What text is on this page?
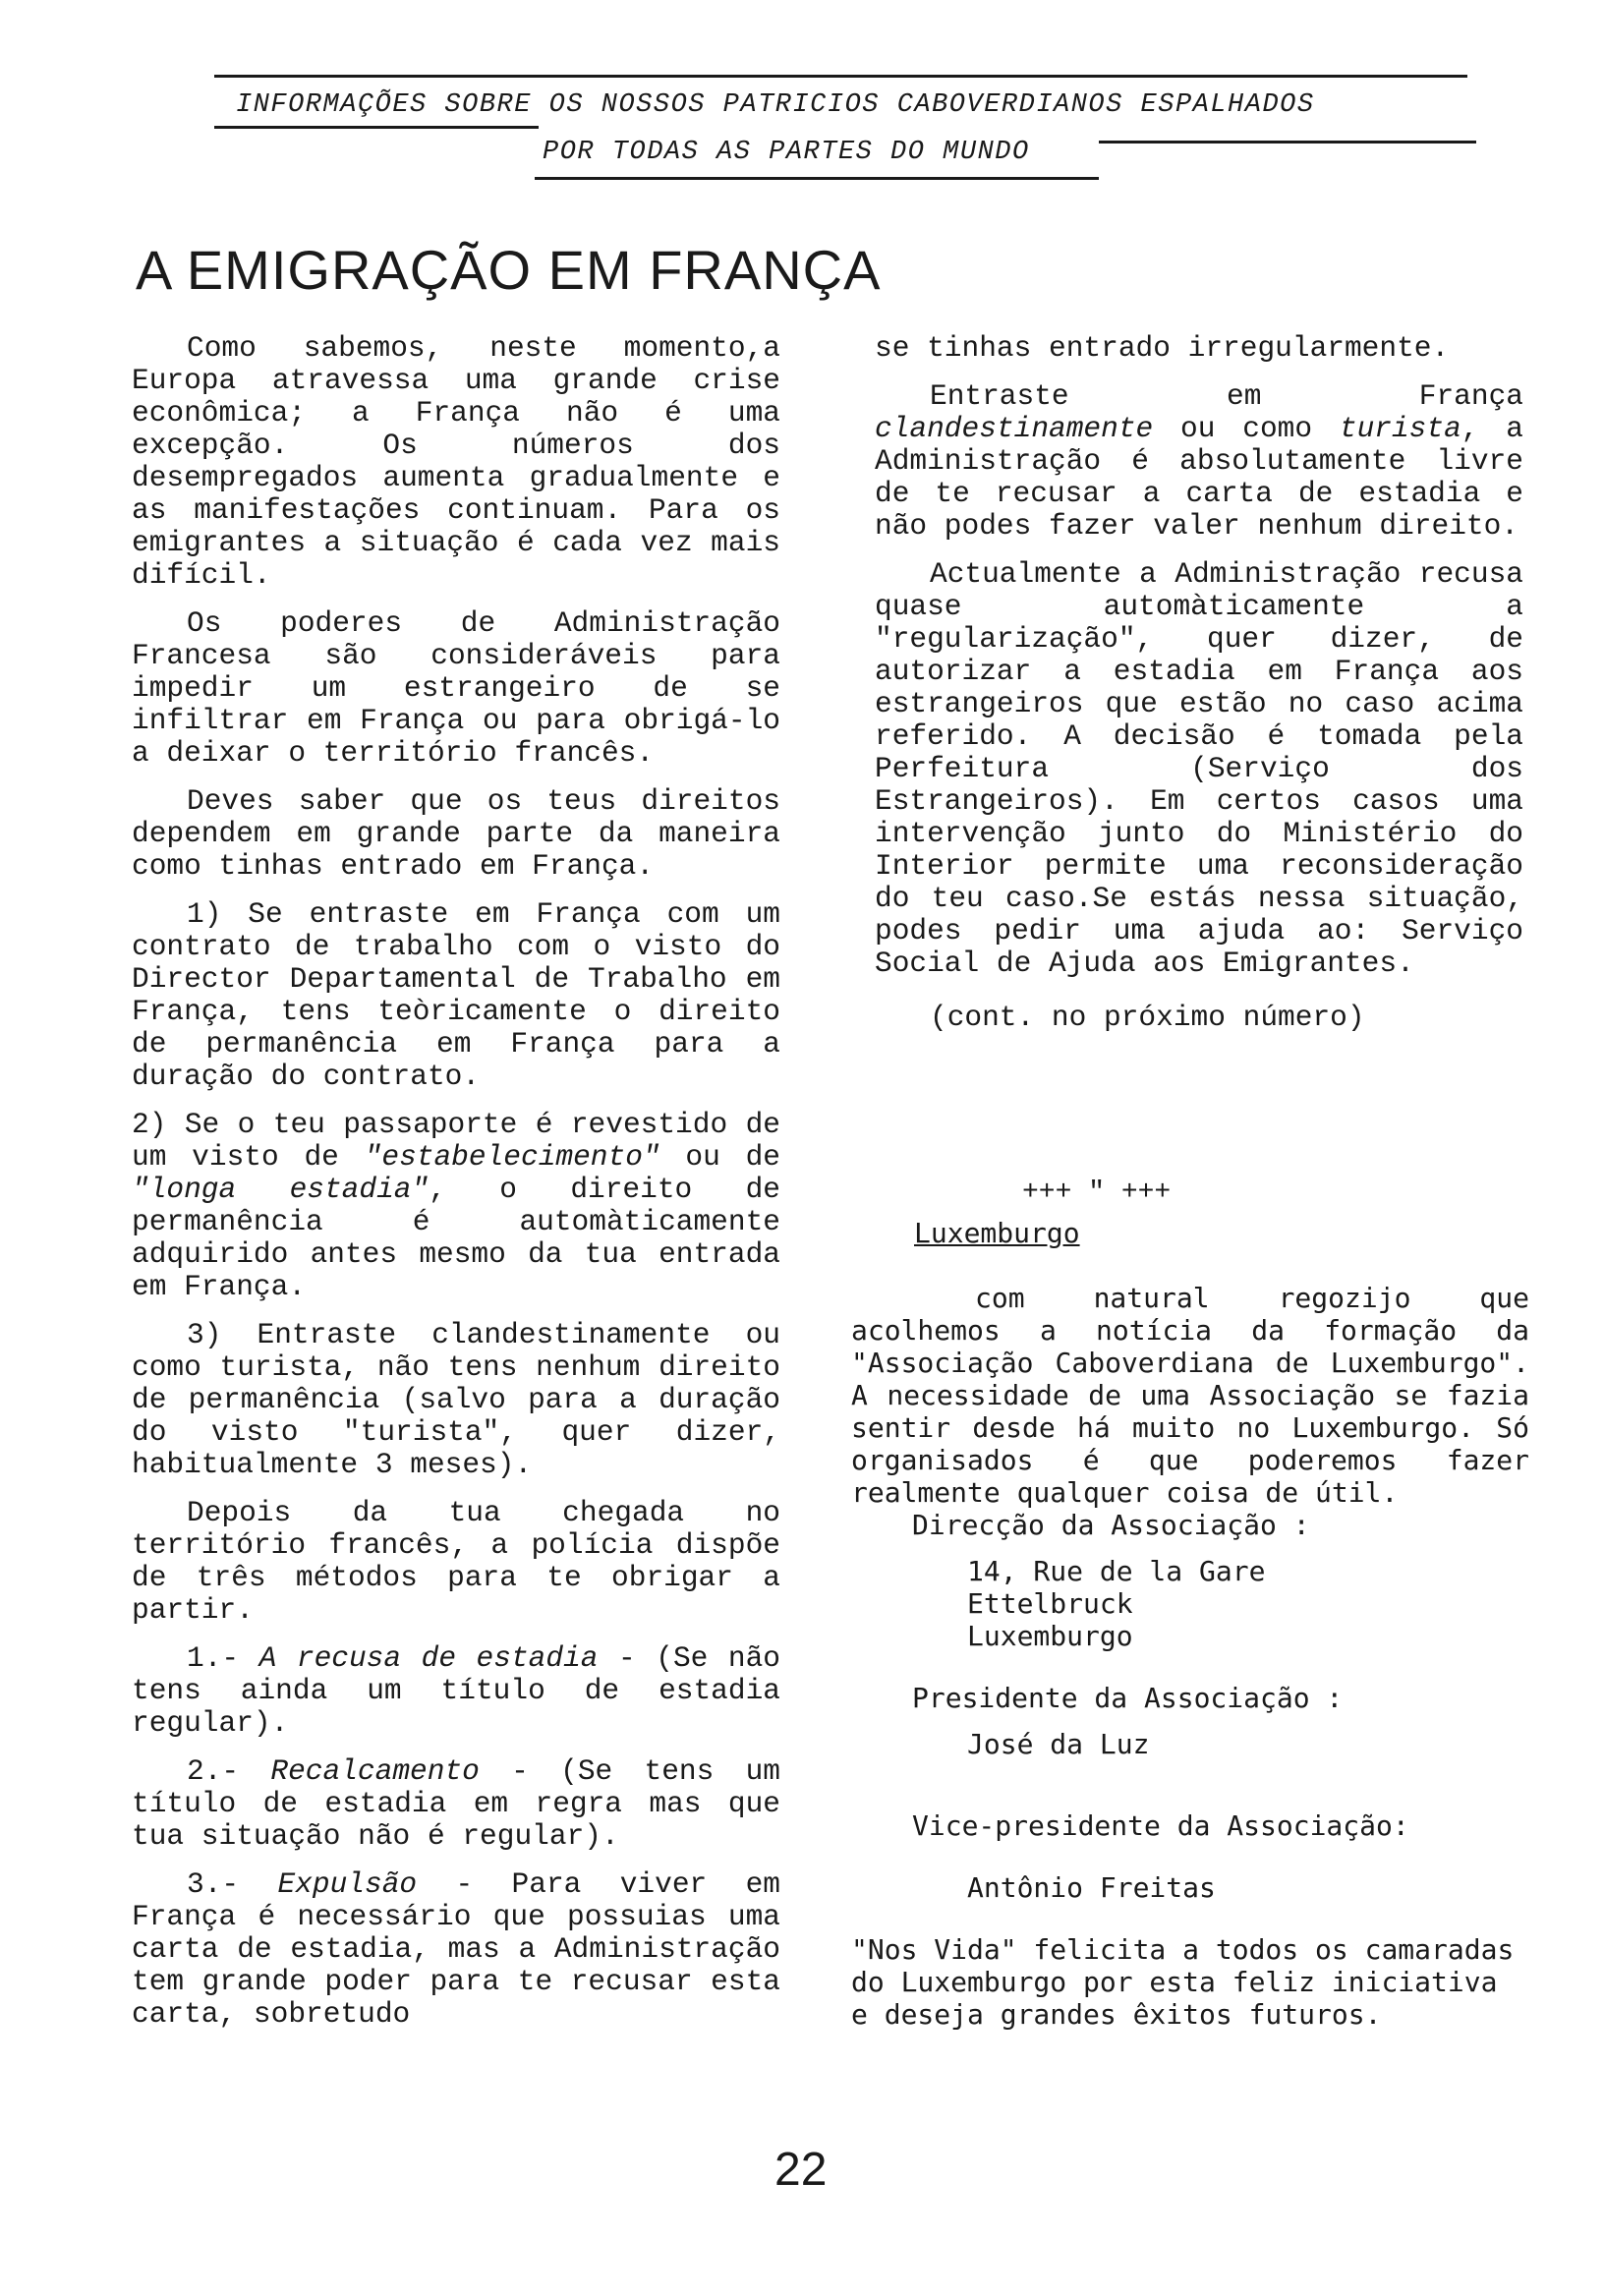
INFORMAÇÕES SOBRE OS NOSSOS PATRICIOS CABOVERDIANOS ESPALHADOS
POR TODAS AS PARTES DO MUNDO
A EMIGRAÇÃO EM FRANÇA

Como sabemos, neste momento,a Europa atravessa uma grande crise econômica; a França não é uma excepção. Os números dos desempregados aumenta gradualmente e as manifestações continuam. Para os emigrantes a situação é cada vez mais difícil.

Os poderes de Administração Francesa são consideráveis para impedir um estrangeiro de se infiltrar em França ou para obrigá-lo a deixar o território francês.

Deves saber que os teus direitos dependem em grande parte da maneira como tinhas entrado em França.

1) Se entraste em França com um contrato de trabalho com o visto do Director Departamental de Trabalho em França, tens teòricamente o direito de permanência em França para a duração do contrato.

2) Se o teu passaporte é revestido de um visto de "estabelecimento" ou de "longa estadia", o direito de permanência é automàticamente adquirido antes mesmo da tua entrada em França.

3) Entraste clandestinamente ou como turista, não tens nenhum direito de permanência (salvo para a duração do visto "turista", quer dizer, habitualmente 3 meses).

Depois da tua chegada no território francês, a polícia dispõe de três métodos para te obrigar a partir.

1.- A recusa de estadia - (Se não tens ainda um título de estadia regular).

2.- Recalcamento - (Se tens um título de estadia em regra mas que tua situação não é regular).

3.- Expulsão - Para viver em França é necessário que possuias uma carta de estadia, mas a Administração tem grande poder para te recusar esta carta, sobretudo

se tinhas entrado irregularmente.

Entraste em França clandestinamente ou como turista, a Administração é absolutamente livre de te recusar a carta de estadia e não podes fazer valer nenhum direito.

Actualmente a Administração recusa quase automàticamente a "regularização", quer dizer, de autorizar a estadia em França aos estrangeiros que estão no caso acima referido. A decisão é tomada pela Perfeitura (Serviço dos Estrangeiros). Em certos casos uma intervenção junto do Ministério do Interior permite uma reconsideração do teu caso.Se estás nessa situação, podes pedir uma ajuda ao: Serviço Social de Ajuda aos Emigrantes.

(cont. no próximo número)

+++ " +++
Luxemburgo

com natural regozijo que acolhemos a notícia da formação da "Associação Caboverdiana de Luxemburgo". A necessidade de uma Associação se fazia sentir desde há muito no Luxemburgo. Só organisados é que poderemos fazer realmente qualquer coisa de útil.

Direcção da Associação :

14, Rue de la Gare

Ettelbruck

Luxemburgo

Presidente da Associação :

José da Luz

Vice-presidente da Associação:

Antônio Freitas

"Nos Vida" felicita a todos os camaradas do Luxemburgo por esta feliz iniciativa e deseja grandes êxitos futuros.

22
